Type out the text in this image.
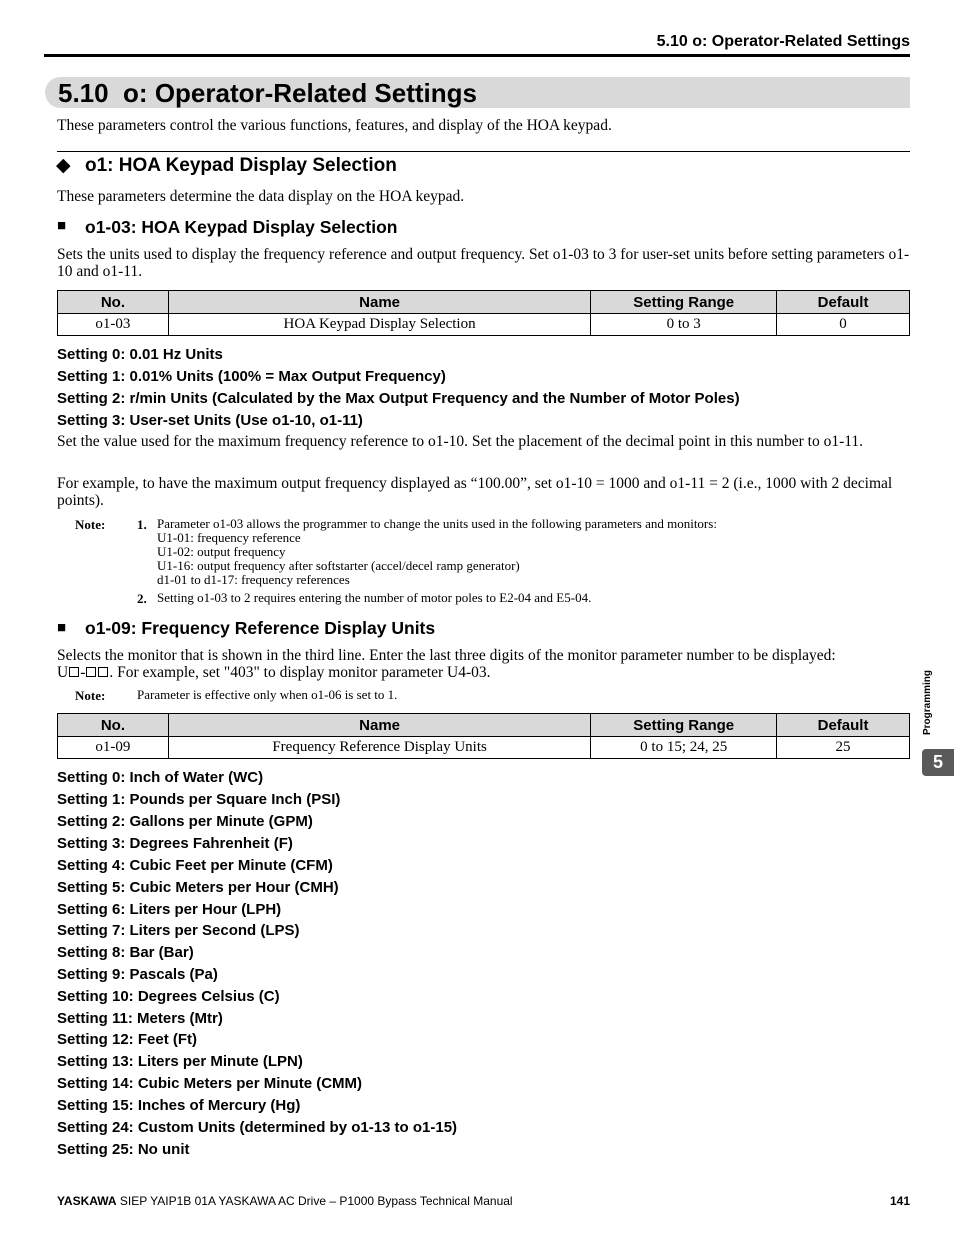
5.10 o: Operator-Related Settings
5.10  o: Operator-Related Settings
These parameters control the various functions, features, and display of the HOA keypad.
◆ o1: HOA Keypad Display Selection
These parameters determine the data display on the HOA keypad.
■ o1-03: HOA Keypad Display Selection
Sets the units used to display the frequency reference and output frequency. Set o1-03 to 3 for user-set units before setting parameters o1-10 and o1-11.
No.	Name	Setting Range	Default
o1-03	HOA Keypad Display Selection	0 to 3	0
Setting 0: 0.01 Hz Units
Setting 1: 0.01% Units (100% = Max Output Frequency)
Setting 2: r/min Units (Calculated by the Max Output Frequency and the Number of Motor Poles)
Setting 3: User-set Units (Use o1-10, o1-11)
Set the value used for the maximum frequency reference to o1-10. Set the placement of the decimal point in this number to o1-11.
For example, to have the maximum output frequency displayed as “100.00”, set o1-10 = 1000 and o1-11 = 2 (i.e., 1000 with 2 decimal points).
Note: 1. Parameter o1-03 allows the programmer to change the units used in the following parameters and monitors:
U1-01: frequency reference
U1-02: output frequency
U1-16: output frequency after softstarter (accel/decel ramp generator)
d1-01 to d1-17: frequency references
2. Setting o1-03 to 2 requires entering the number of motor poles to E2-04 and E5-04.
■ o1-09: Frequency Reference Display Units
Selects the monitor that is shown in the third line. Enter the last three digits of the monitor parameter number to be displayed:
U - . For example, set "403" to display monitor parameter U4-03.
Note: Parameter is effective only when o1-06 is set to 1.
No.	Name	Setting Range	Default
o1-09	Frequency Reference Display Units	0 to 15; 24, 25	25
Setting 0: Inch of Water (WC)
Setting 1: Pounds per Square Inch (PSI)
Setting 2: Gallons per Minute (GPM)
Setting 3: Degrees Fahrenheit (F)
Setting 4: Cubic Feet per Minute (CFM)
Setting 5: Cubic Meters per Hour (CMH)
Setting 6: Liters per Hour (LPH)
Setting 7: Liters per Second (LPS)
Setting 8: Bar (Bar)
Setting 9: Pascals (Pa)
Setting 10: Degrees Celsius (C)
Setting 11: Meters (Mtr)
Setting 12: Feet (Ft)
Setting 13: Liters per Minute (LPN)
Setting 14: Cubic Meters per Minute (CMM)
Setting 15: Inches of Mercury (Hg)
Setting 24: Custom Units (determined by o1-13 to o1-15)
Setting 25: No unit
Programming
5
YASKAWA SIEP YAIP1B 01A YASKAWA AC Drive – P1000 Bypass Technical Manual	141
